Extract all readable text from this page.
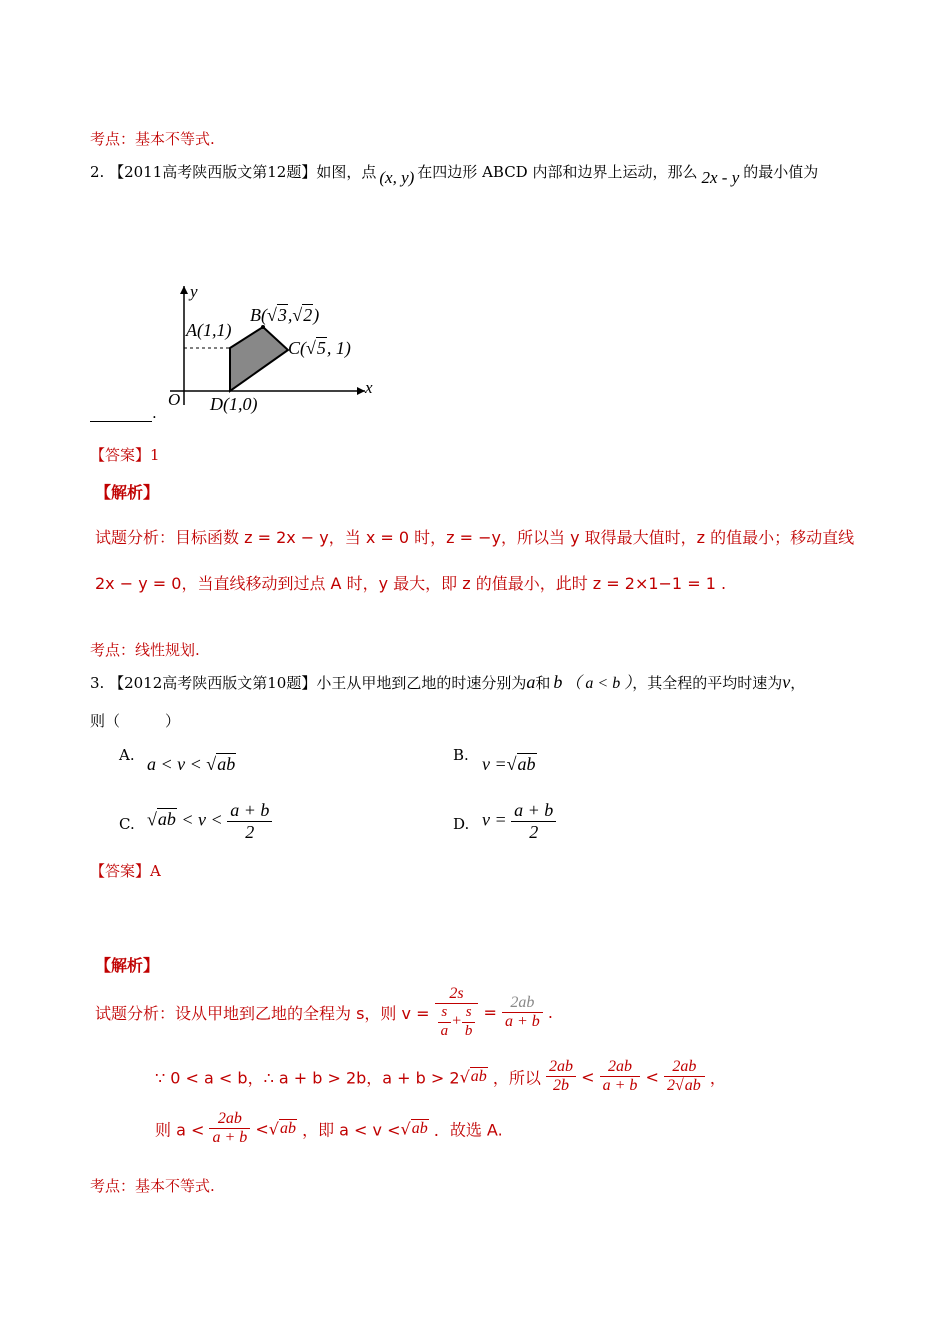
考点：基本不等式.
2. 【2011高考陕西版文第12题】如图，点 (x, y) 在四边形 ABCD 内部和边界上运动，那么 2x - y 的最小值为
y
x
O
A(1,1)
B(√3,√2)
C(√5, 1)
D(1,0)
.
【答案】1
【解析】
试题分析：目标函数 z = 2x − y，当 x = 0 时，z = −y，所以当 y 取得最大值时，z 的值最小；移动直线
2x − y = 0，当直线移动到过点 A 时，y 最大，即 z 的值最小，此时 z = 2×1−1 = 1 .
考点：线性规划.
3. 【2012高考陕西版文第10题】小王从甲地到乙地的时速分别为a和 b （ a < b ），其全程的平均时速为v，
则（　　　）
A. a < v < √ab	B. v =√ab
C. $√ab < v < \frac{a + b}{2}$	D. $v = \frac{a + b}{2}$
【答案】A
【解析】
试题分析：设从甲地到乙地的全程为 s，则 $v = \frac{2s}{\frac{s}{a} + \frac{s}{b}} = \frac{2ab}{a + b}$ .
∵ 0 < a < b，∴ a + b > 2b，a + b > 2√ab ，所以 $\frac{2ab}{2b} < \frac{2ab}{a + b} < \frac{2ab}{2√ab}$ ，
则 $a < \frac{2ab}{a + b} <√ab$ ，即 a < v <√ab ．故选 A.
考点：基本不等式.
